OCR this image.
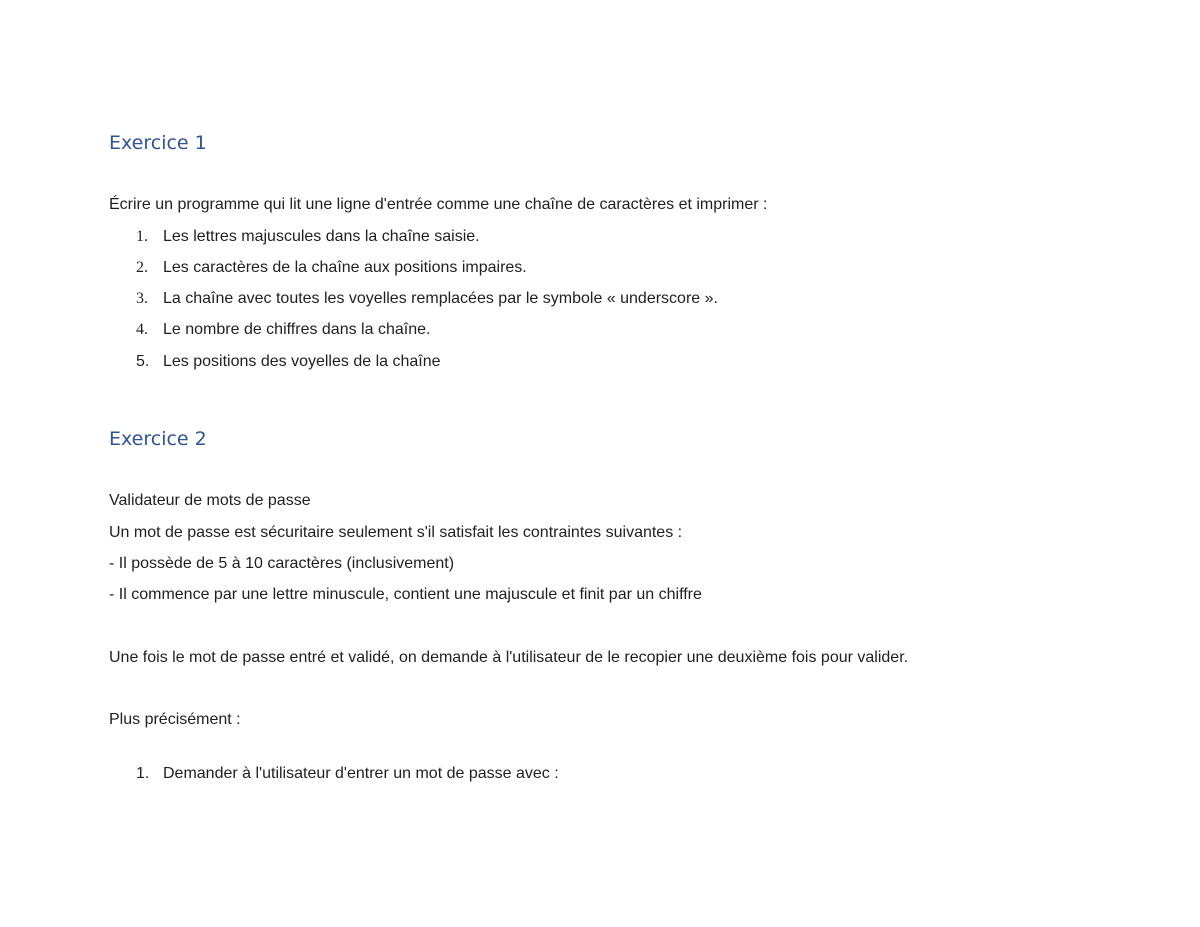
Exercice 1

Écrire un programme qui lit une ligne d'entrée comme une chaîne de caractères et imprimer :

1. Les lettres majuscules dans la chaîne saisie.
2. Les caractères de la chaîne aux positions impaires.
3. La chaîne avec toutes les voyelles remplacées par le symbole « underscore ».
4. Le nombre de chiffres dans la chaîne.
5. Les positions des voyelles de la chaîne
Exercice 2

Validateur de mots de passe

Un mot de passe est sécuritaire seulement s'il satisfait les contraintes suivantes :

- Il possède de 5 à 10 caractères (inclusivement)

- Il commence par une lettre minuscule, contient une majuscule et finit par un chiffre

Une fois le mot de passe entré et validé, on demande à l'utilisateur de le recopier une deuxième fois pour valider.

Plus précisément :

1. Demander à l'utilisateur d'entrer un mot de passe avec :
